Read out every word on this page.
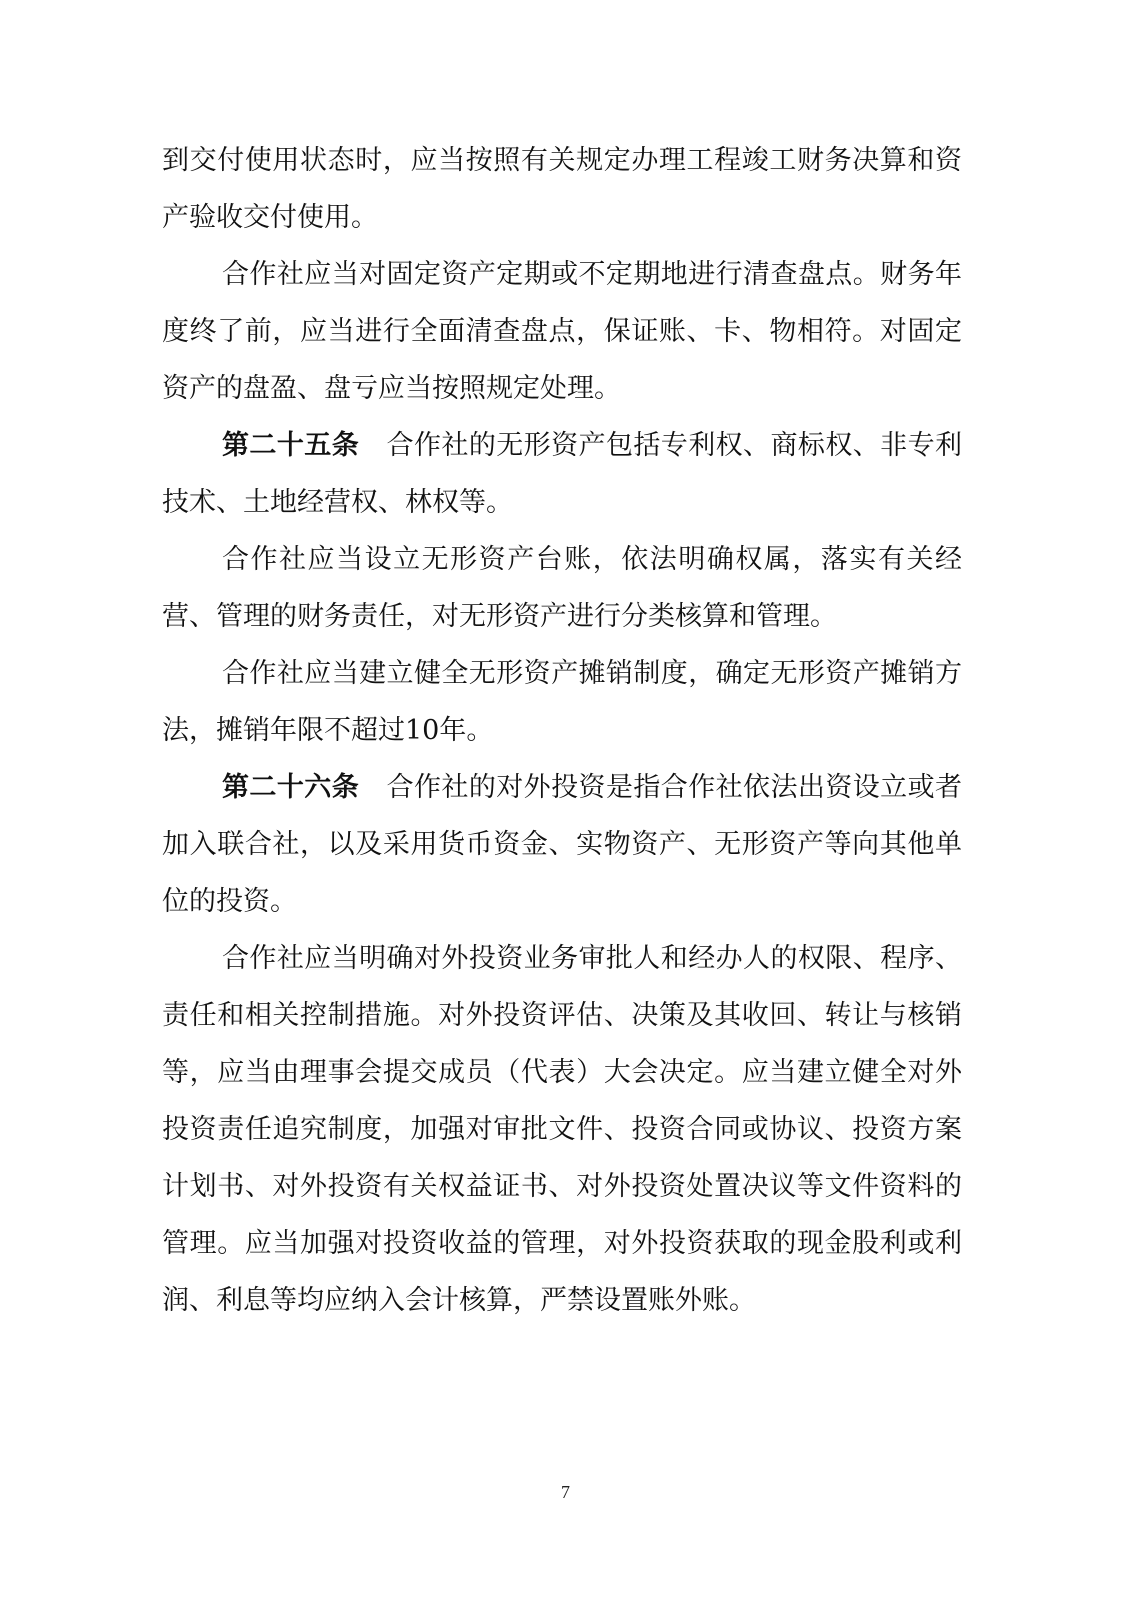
到交付使用状态时，应当按照有关规定办理工程竣工财务决算和资产验收交付使用。

合作社应当对固定资产定期或不定期地进行清查盘点。财务年度终了前，应当进行全面清查盘点，保证账、卡、物相符。对固定资产的盘盈、盘亏应当按照规定处理。

第二十五条　 合作社的无形资产包括专利权、商标权、非专利技术、土地经营权、林权等。

合作社应当设立无形资产台账，依法明确权属，落实有关经营、管理的财务责任，对无形资产进行分类核算和管理。

合作社应当建立健全无形资产摊销制度，确定无形资产摊销方法，摊销年限不超过10年。

第二十六条　 合作社的对外投资是指合作社依法出资设立或者加入联合社，以及采用货币资金、实物资产、无形资产等向其他单位的投资。

合作社应当明确对外投资业务审批人和经办人的权限、程序、责任和相关控制措施。对外投资评估、决策及其收回、转让与核销等，应当由理事会提交成员（代表）大会决定。应当建立健全对外投资责任追究制度，加强对审批文件、投资合同或协议、投资方案计划书、对外投资有关权益证书、对外投资处置决议等文件资料的管理。应当加强对投资收益的管理，对外投资获取的现金股利或利润、利息等均应纳入会计核算，严禁设置账外账。

7
